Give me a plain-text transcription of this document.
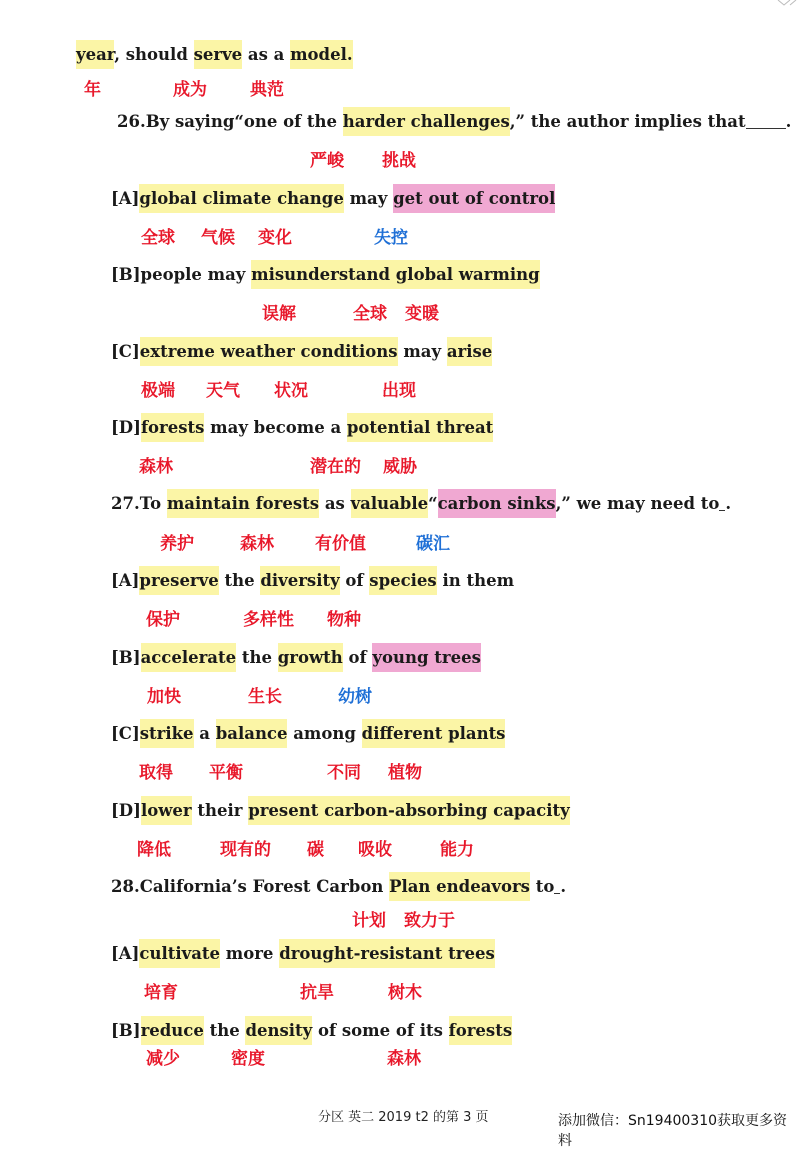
year, should serve as a model.
年	成为	典范
26.By saying“one of the harder challenges,” the author implies that .
严峻 挑战
[A]global climate change may get out of control
全球 气候 变化	失控
[B]people may misunderstand global warming
误解	全球 变暖
[C]extreme weather conditions may arise
极端 天气 状况	出现
[D]forests may become a potential threat
森林	潜在的 威胁
27.To maintain forests as valuable“carbon sinks,” we may need to .
养护	森林 有价值	碳汇
[A]preserve the diversity of species in them
保护	多样性 物种
[B]accelerate the growth of young trees
加快	生长	幼树
[C]strike a balance among different plants
取得 平衡	不同 植物
[D]lower their present carbon-absorbing capacity
降低	现有的 碳 吸收	能力
28.California’s Forest Carbon Plan endeavors to .
计划 致力于
[A]cultivate more drought-resistant trees
培育	抗旱	树木
[B]reduce the density of some of its forests
减少	密度	森林
分区 英二 2019 t2 的第 3 页	添加微信：Sn19400310获取更多资料
